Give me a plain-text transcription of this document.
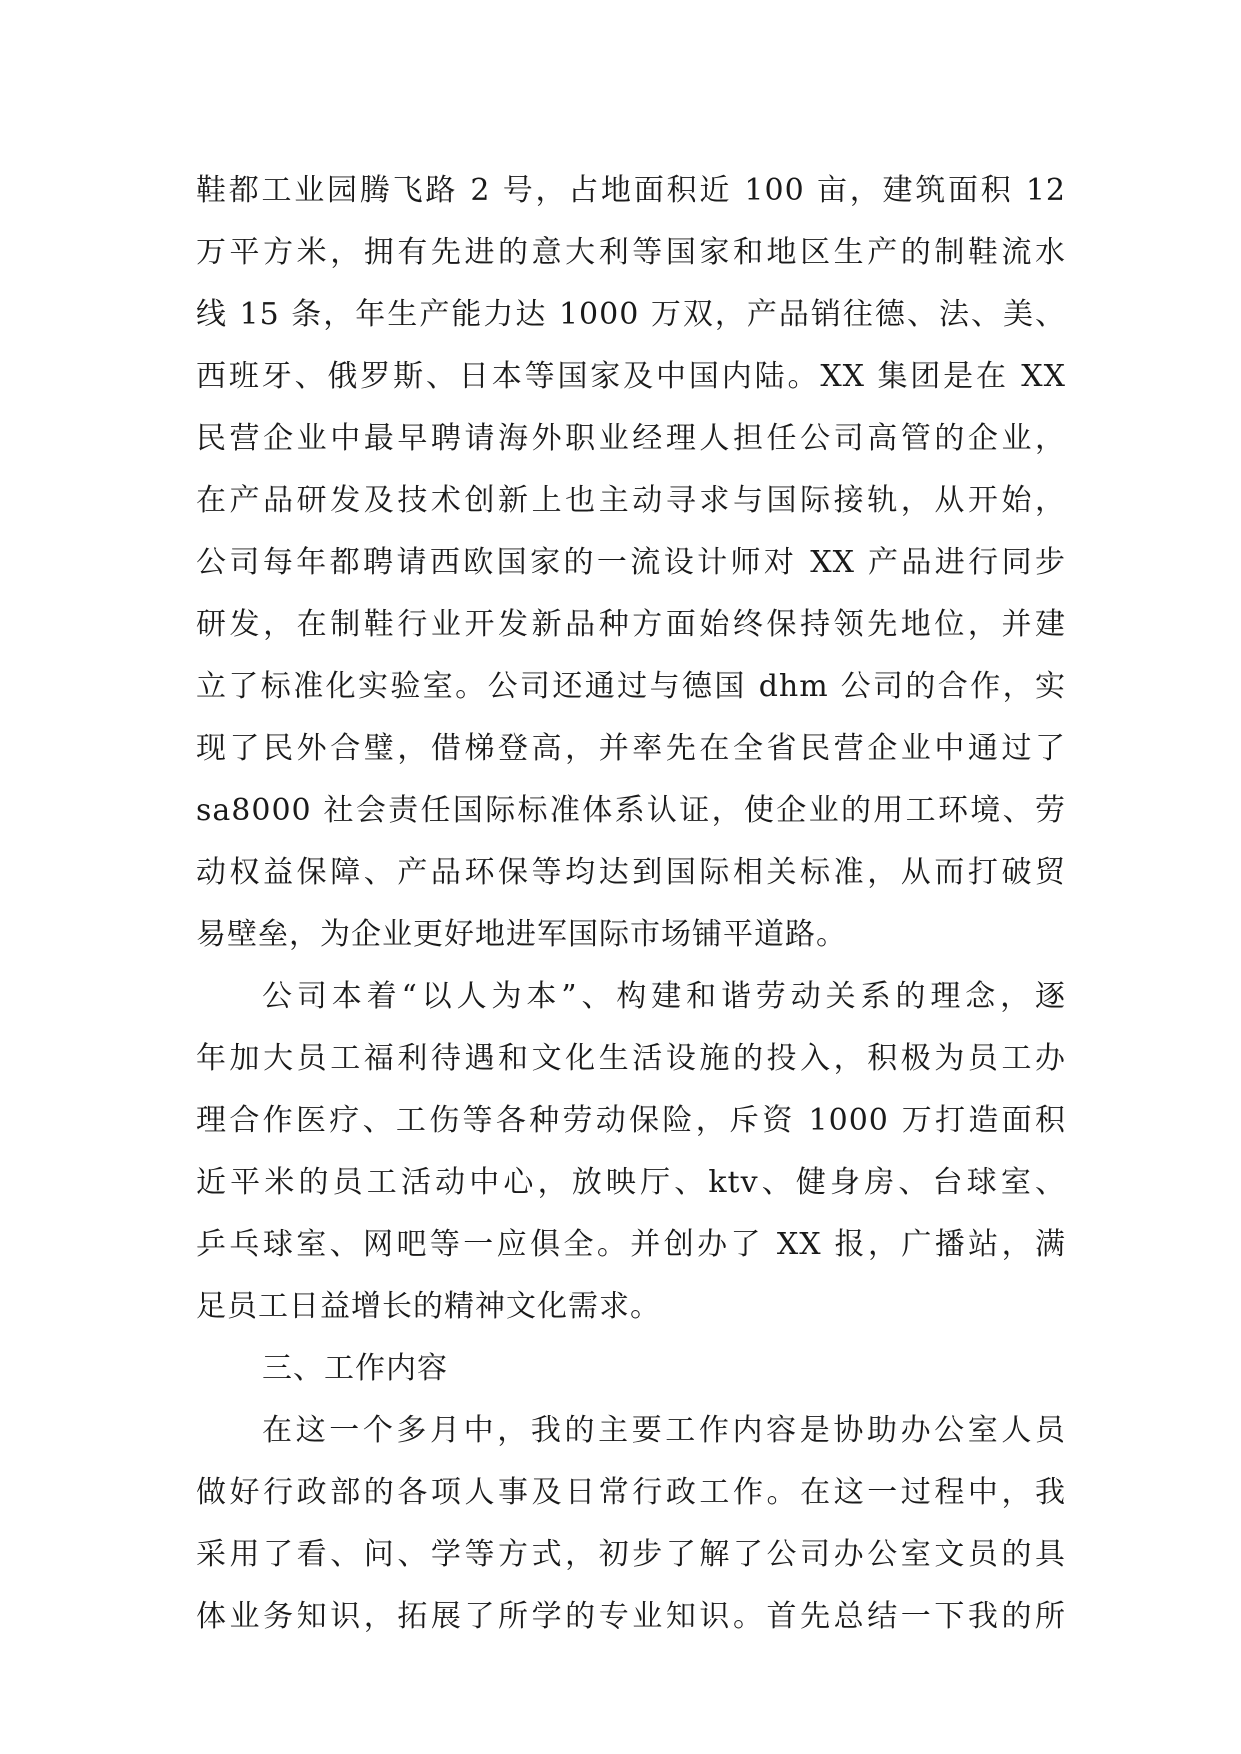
鞋都工业园腾飞路 2 号，占地面积近 100 亩，建筑面积 12
万平方米，拥有先进的意大利等国家和地区生产的制鞋流水
线 15 条，年生产能力达 1000 万双，产品销往德、法、美、
西班牙、俄罗斯、日本等国家及中国内陆。XX 集团是在 XX
民营企业中最早聘请海外职业经理人担任公司高管的企业，
在产品研发及技术创新上也主动寻求与国际接轨，从开始，
公司每年都聘请西欧国家的一流设计师对 XX 产品进行同步
研发，在制鞋行业开发新品种方面始终保持领先地位，并建
立了标准化实验室。公司还通过与德国 dhm 公司的合作，实
现了民外合璧，借梯登高，并率先在全省民营企业中通过了
sa8000 社会责任国际标准体系认证，使企业的用工环境、劳
动权益保障、产品环保等均达到国际相关标准，从而打破贸
易壁垒，为企业更好地进军国际市场铺平道路。
公司本着“以人为本”、构建和谐劳动关系的理念，逐
年加大员工福利待遇和文化生活设施的投入，积极为员工办
理合作医疗、工伤等各种劳动保险，斥资 1000 万打造面积
近平米的员工活动中心，放映厅、ktv、健身房、台球室、
乒乓球室、网吧等一应俱全。并创办了 XX 报，广播站，满
足员工日益增长的精神文化需求。
三、工作内容
在这一个多月中，我的主要工作内容是协助办公室人员
做好行政部的各项人事及日常行政工作。在这一过程中，我
采用了看、问、学等方式，初步了解了公司办公室文员的具
体业务知识，拓展了所学的专业知识。首先总结一下我的所
